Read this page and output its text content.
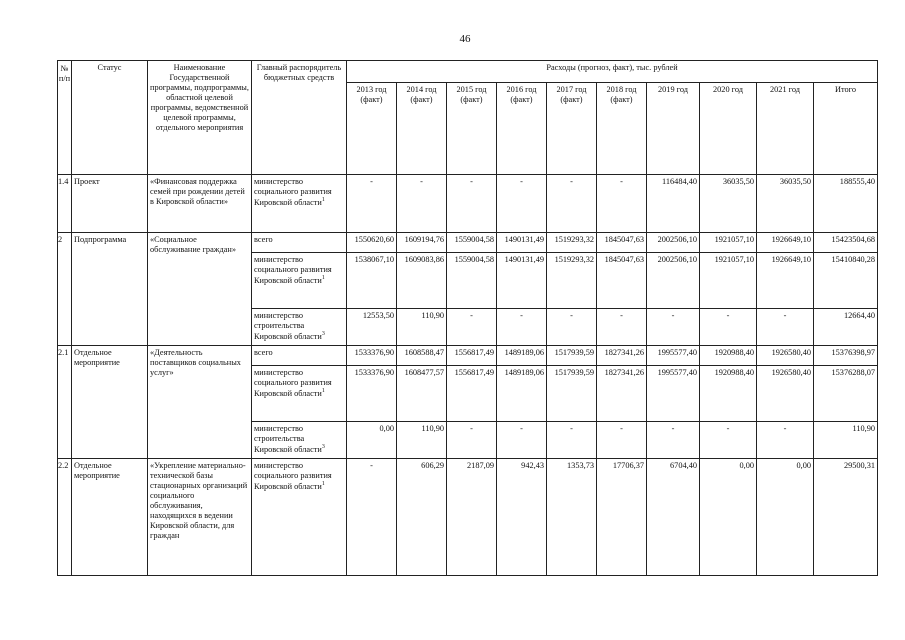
46
№ п/п	Статус	Наименование Государственной программы, подпрограммы, областной целевой программы, ведомственной целевой программы, отдельного мероприятия	Главный распорядитель бюджетных средств	Расходы (прогноз, факт), тыс. рублей									
				2013 год (факт)	2014 год (факт)	2015 год (факт)	2016 год (факт)	2017 год (факт)	2018 год (факт)	2019 год	2020 год	2021 год	Итого
1.4	Проект	«Финансовая поддержка семей при рождении детей в Кировской области»	министерство социального развития Кировской области$^1$	-	-	-	-	-	-	116484,40	36035,50	36035,50	188555,40
2	Подпрограмма	«Социальное обслуживание граждан»	всего	1550620,60	1609194,76	1559004,58	1490131,49	1519293,32	1845047,63	2002506,10	1921057,10	1926649,10	15423504,68
			министерство социального развития Кировской области$^1$	1538067,10	1609083,86	1559004,58	1490131,49	1519293,32	1845047,63	2002506,10	1921057,10	1926649,10	15410840,28
			министерство строительства Кировской области$^3$	12553,50	110,90	-	-	-	-	-	-	-	12664,40
2.1	Отдельное мероприятие	«Деятельность поставщиков социальных услуг»	всего	1533376,90	1608588,47	1556817,49	1489189,06	1517939,59	1827341,26	1995577,40	1920988,40	1926580,40	15376398,97
			министерство социального развития Кировской области$^1$	1533376,90	1608477,57	1556817,49	1489189,06	1517939,59	1827341,26	1995577,40	1920988,40	1926580,40	15376288,07
			министерство строительства Кировской области$^3$	0,00	110,90	-	-	-	-	-	-	-	110,90
2.2	Отдельное мероприятие	«Укрепление материально-технической базы стационарных организаций социального обслуживания, находящихся в ведении Кировской области, для граждан	министерство социального развития Кировской области$^1$	-	606,29	2187,09	942,43	1353,73	17706,37	6704,40	0,00	0,00	29500,31
